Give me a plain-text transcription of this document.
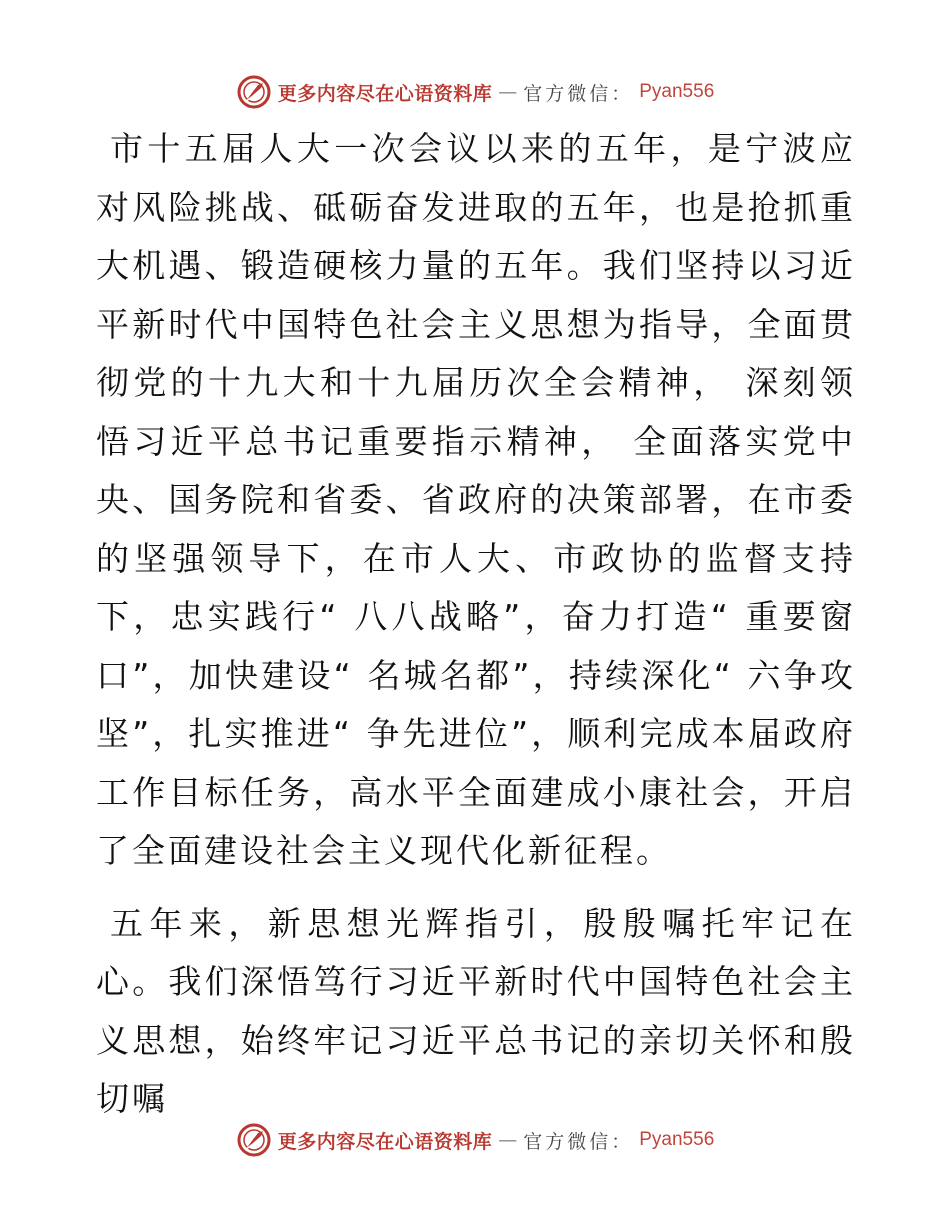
更多内容尽在心语资料库 — 官方微信： Pyan556

市十五届人大一次会议以来的五年，是宁波应对风险挑战、砥砺奋发进取的五年，也是抢抓重大机遇、锻造硬核力量的五年。我们坚持以习近平新时代中国特色社会主义思想为指导，全面贯彻党的十九大和十九届历次全会精神， 深刻领悟习近平总书记重要指示精神， 全面落实党中央、国务院和省委、省政府的决策部署，在市委的坚强领导下，在市人大、市政协的监督支持下，忠实践行“ 八八战略”，奋力打造“ 重要窗口”，加快建设“ 名城名都”，持续深化“ 六争攻坚”，扎实推进“ 争先进位”，顺利完成本届政府工作目标任务，高水平全面建成小康社会，开启了全面建设社会主义现代化新征程。

五年来，新思想光辉指引，殷殷嘱托牢记在心。我们深悟笃行习近平新时代中国特色社会主义思想，始终牢记习近平总书记的亲切关怀和殷切嘱

更多内容尽在心语资料库 — 官方微信： Pyan556
